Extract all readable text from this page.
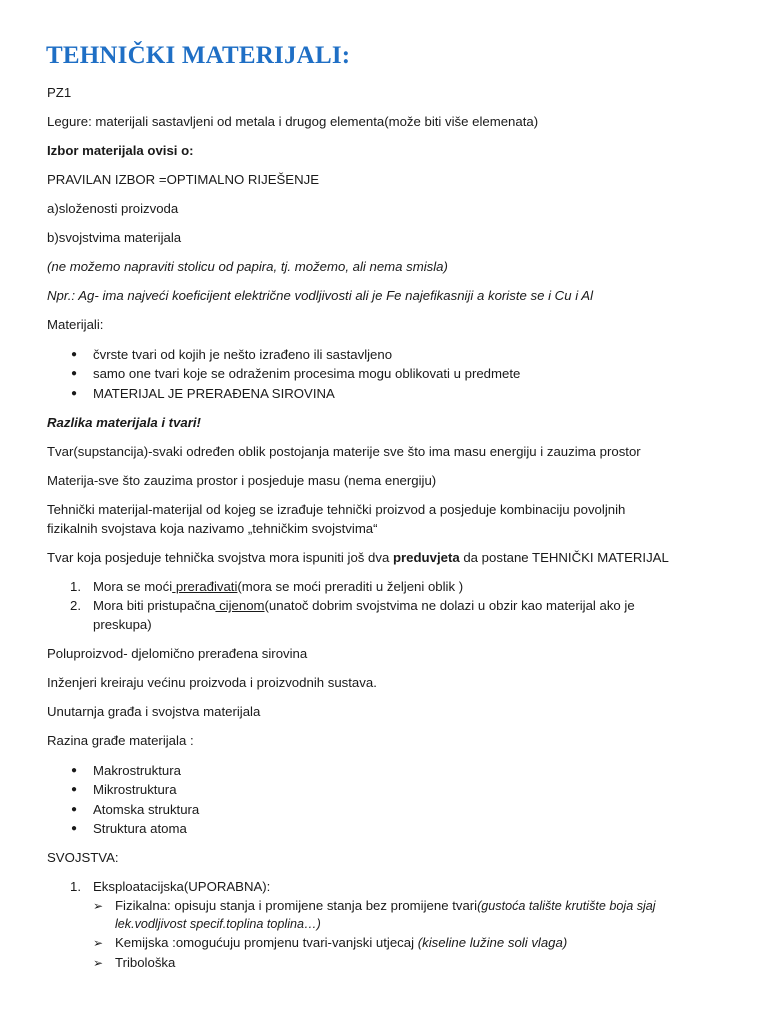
TEHNIČKI MATERIJALI:
PZ1
Legure: materijali sastavljeni od metala i drugog elementa(može biti više elemenata)
Izbor materijala ovisi o:
PRAVILAN IZBOR =OPTIMALNO RIJEŠENJE
a)složenosti proizvoda
b)svojstvima materijala
(ne možemo napraviti stolicu od papira, tj. možemo, ali nema smisla)
Npr.: Ag- ima najveći koeficijent električne vodljivosti ali je Fe najefikasniji a koriste se i Cu i Al
Materijali:
● čvrste tvari od kojih je nešto izrađeno ili sastavljeno
● samo one tvari koje se odraženim procesima mogu oblikovati u predmete
● MATERIJAL JE PRERAĐENA SIROVINA
Razlika materijala i tvari!
Tvar(supstancija)-svaki određen oblik postojanja materije sve što ima masu energiju i zauzima prostor
Materija-sve što zauzima prostor i posjeduje masu (nema energiju)
Tehnički materijal-materijal od kojeg se izrađuje tehnički proizvod a posjeduje kombinaciju povoljnih
fizikalnih svojstava koja nazivamo „tehničkim svojstvima“
Tvar koja posjeduje tehnička svojstva mora ispuniti još dva preduvjeta da postane TEHNIČKI MATERIJAL
1. Mora se moći prerađivati(mora se moći preraditi u željeni oblik )
2. Mora biti pristupačna cijenom(unatoč dobrim svojstvima ne dolazi u obzir kao materijal ako je
preskupa)
Poluproizvod- djelomično prerađena sirovina
Inženjeri kreiraju većinu proizvoda i proizvodnih sustava.
Unutarnja građa i svojstva materijala
Razina građe materijala :
● Makrostruktura
● Mikrostruktura
● Atomska struktura
● Struktura atoma
SVOJSTVA:
1. Eksploatacijska(UPORABNA):
➢ Fizikalna: opisuju stanja i promijene stanja bez promijene tvari(gustoća talište krutište boja sjaj
lek.vodljivost specif.toplina toplina…)
➢ Kemijska :omogućuju promjenu tvari-vanjski utjecaj (kiseline lužine soli vlaga)
➢ Tribološka
